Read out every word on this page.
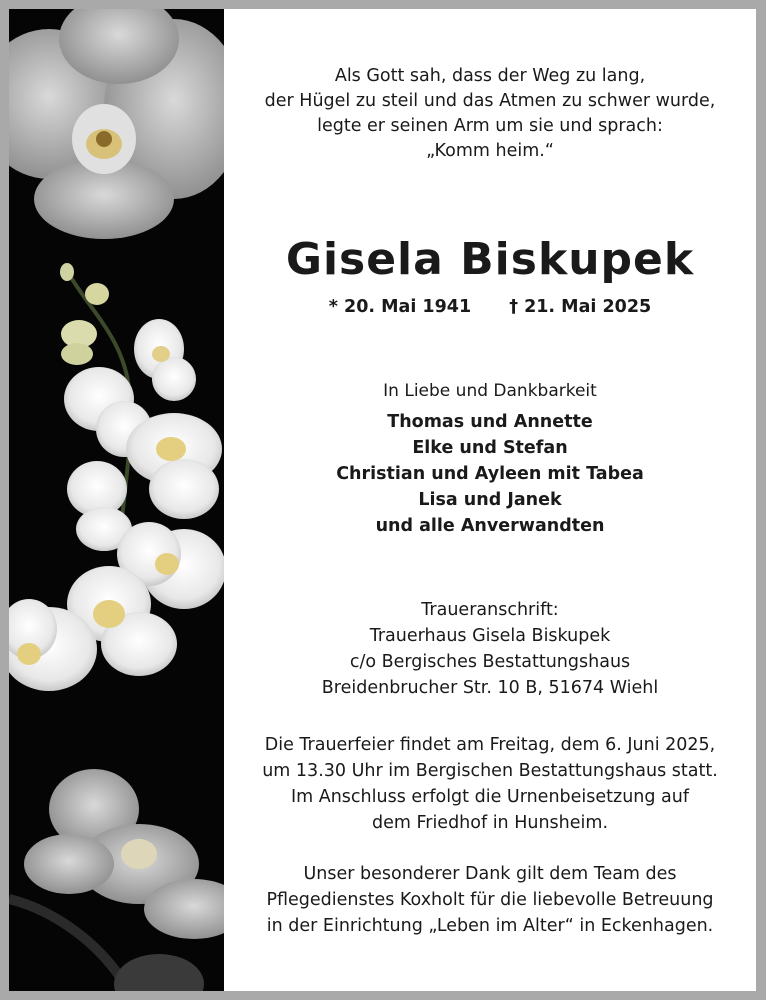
Als Gott sah, dass der Weg zu lang,
der Hügel zu steil und das Atmen zu schwer wurde,
legte er seinen Arm um sie und sprach:
„Komm heim.“
Gisela Biskupek
* 20. Mai 1941 † 21. Mai 2025
In Liebe und Dankbarkeit
Thomas und Annette
Elke und Stefan
Christian und Ayleen mit Tabea
Lisa und Janek
und alle Anverwandten
Traueranschrift:
Trauerhaus Gisela Biskupek
c/o Bergisches Bestattungshaus
Breidenbrucher Str. 10 B, 51674 Wiehl
Die Trauerfeier findet am Freitag, dem 6. Juni 2025,
um 13.30 Uhr im Bergischen Bestattungshaus statt.
Im Anschluss erfolgt die Urnenbeisetzung auf
dem Friedhof in Hunsheim.
Unser besonderer Dank gilt dem Team des
Pflegedienstes Koxholt für die liebevolle Betreuung
in der Einrichtung „Leben im Alter“ in Eckenhagen.
